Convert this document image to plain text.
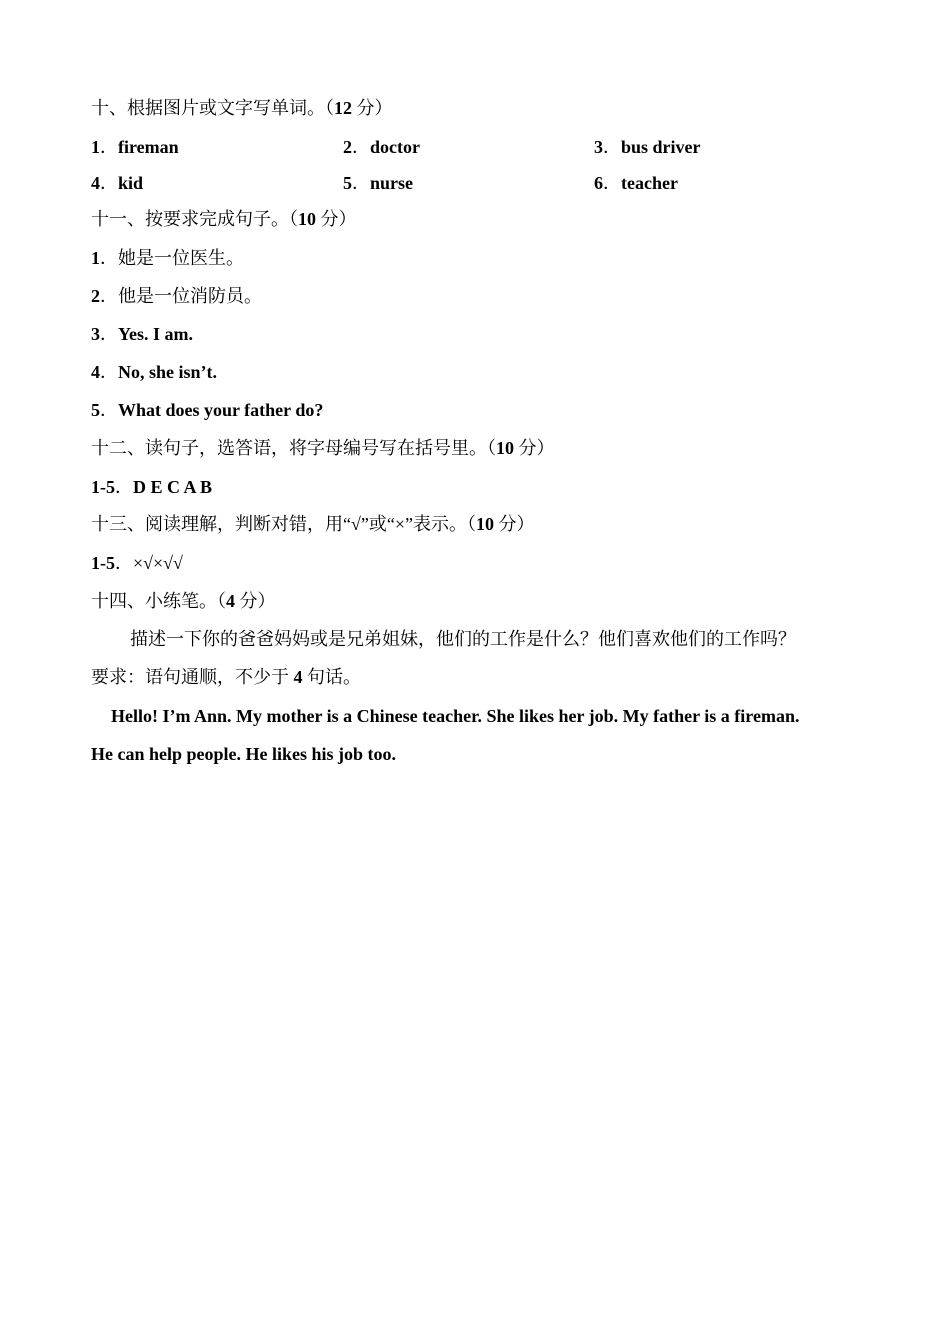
十、根据图片或文字写单词。（12 分）
1．fireman	2．doctor	3．bus driver
4．kid	5．nurse	6．teacher
十一、按要求完成句子。（10 分）
1．她是一位医生。
2．他是一位消防员。
3．Yes. I am.
4．No, she isn’t.
5．What does your father do?
十二、读句子，选答语，将字母编号写在括号里。（10 分）
1-5．D E C A B
十三、阅读理解，判断对错，用“√”或“×”表示。（10 分）
1-5．×√×√√
十四、小练笔。（4 分）
描述一下你的爸爸妈妈或是兄弟姐妹，他们的工作是什么？他们喜欢他们的工作吗？
要求：语句通顺，不少于 4 句话。
Hello! I’m Ann. My mother is a Chinese teacher. She likes her job. My father is a fireman.
He can help people. He likes his job too.
